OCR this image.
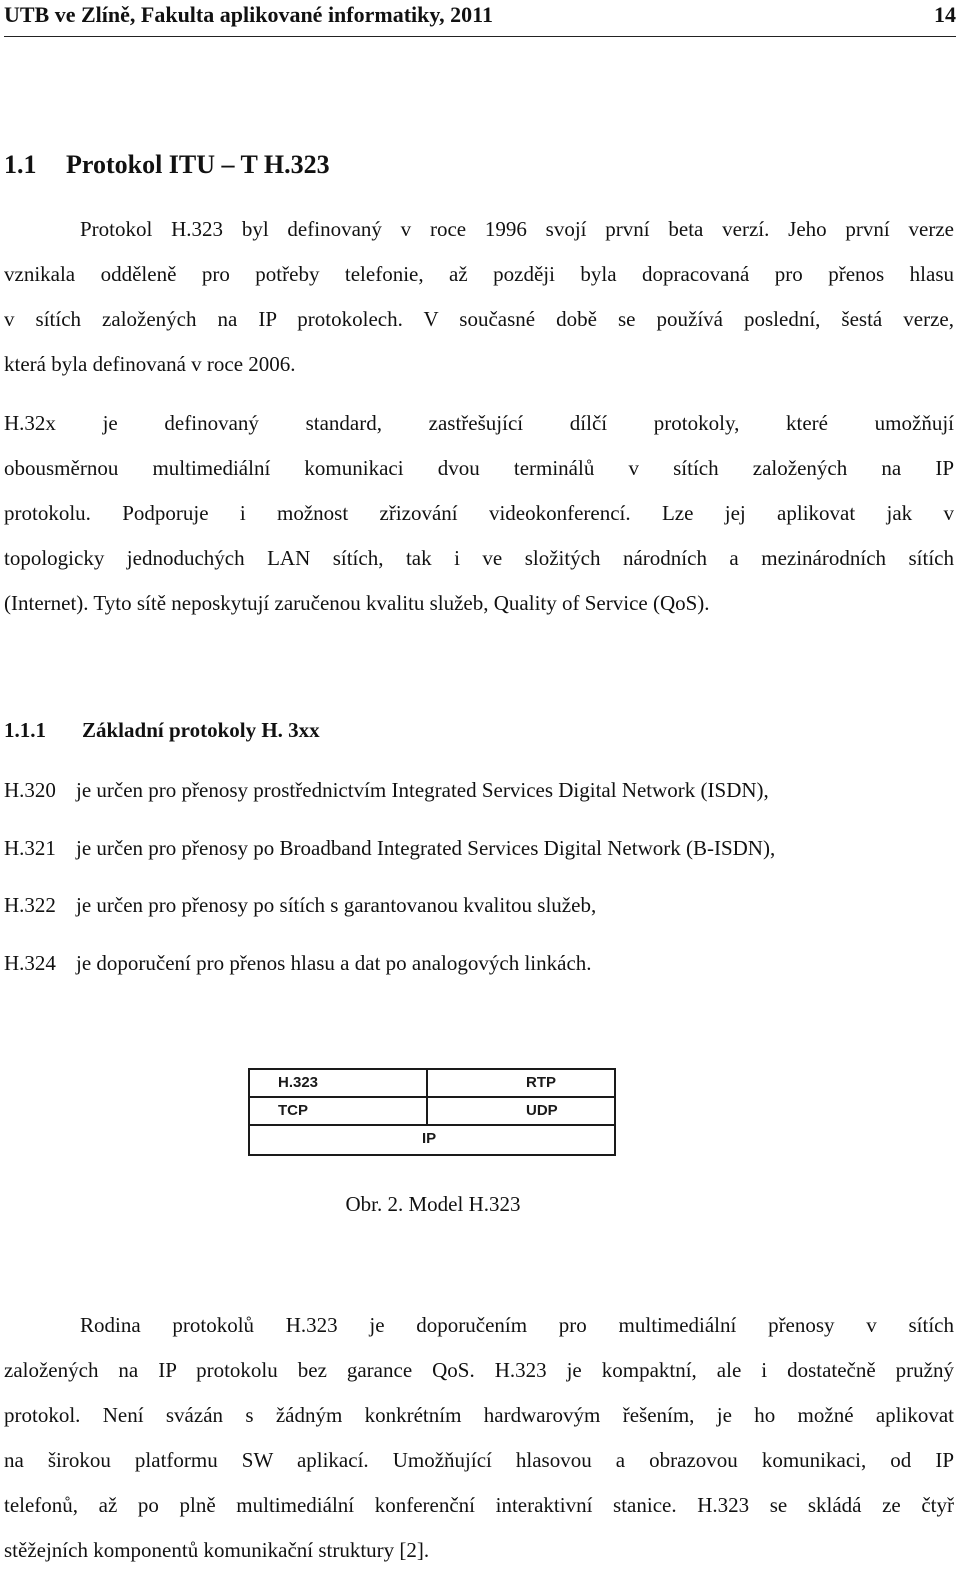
UTB ve Zlíně, Fakulta aplikované informatiky, 2011	14
1.1 Protokol ITU – T H.323

Protokol H.323 byl definovaný v roce 1996 svojí první beta verzí. Jeho první verze
vznikala odděleně pro potřeby telefonie, až později byla dopracovaná pro přenos hlasu
v sítích založených na IP protokolech. V současné době se používá poslední, šestá verze,
která byla definovaná v roce 2006.

H.32x je definovaný standard, zastřešující dílčí protokoly, které umožňují
obousměrnou multimediální komunikaci dvou terminálů v sítích založených na IP
protokolu. Podporuje i možnost zřizování videokonferencí. Lze jej aplikovat jak v
topologicky jednoduchých LAN sítích, tak i ve složitých národních a mezinárodních sítích
(Internet). Tyto sítě neposkytují zaručenou kvalitu služeb, Quality of Service (QoS).

1.1.1 Základní protokoly H. 3xx
H.320 je určen pro přenosy prostřednictvím Integrated Services Digital Network (ISDN),
H.321 je určen pro přenosy po Broadband Integrated Services Digital Network (B-ISDN),
H.322 je určen pro přenosy po sítích s garantovanou kvalitou služeb,
H.324 je doporučení pro přenos hlasu a dat po analogových linkách.
H.323	RTP
TCP	UDP
IP
Obr. 2. Model H.323

Rodina protokolů H.323 je doporučením pro multimediální přenosy v sítích
založených na IP protokolu bez garance QoS. H.323 je kompaktní, ale i dostatečně pružný
protokol. Není svázán s žádným konkrétním hardwarovým řešením, je ho možné aplikovat
na širokou platformu SW aplikací. Umožňující hlasovou a obrazovou komunikaci, od IP
telefonů, až po plně multimediální konferenční interaktivní stanice. H.323 se skládá ze čtyř
stěžejních komponentů komunikační struktury [2].
